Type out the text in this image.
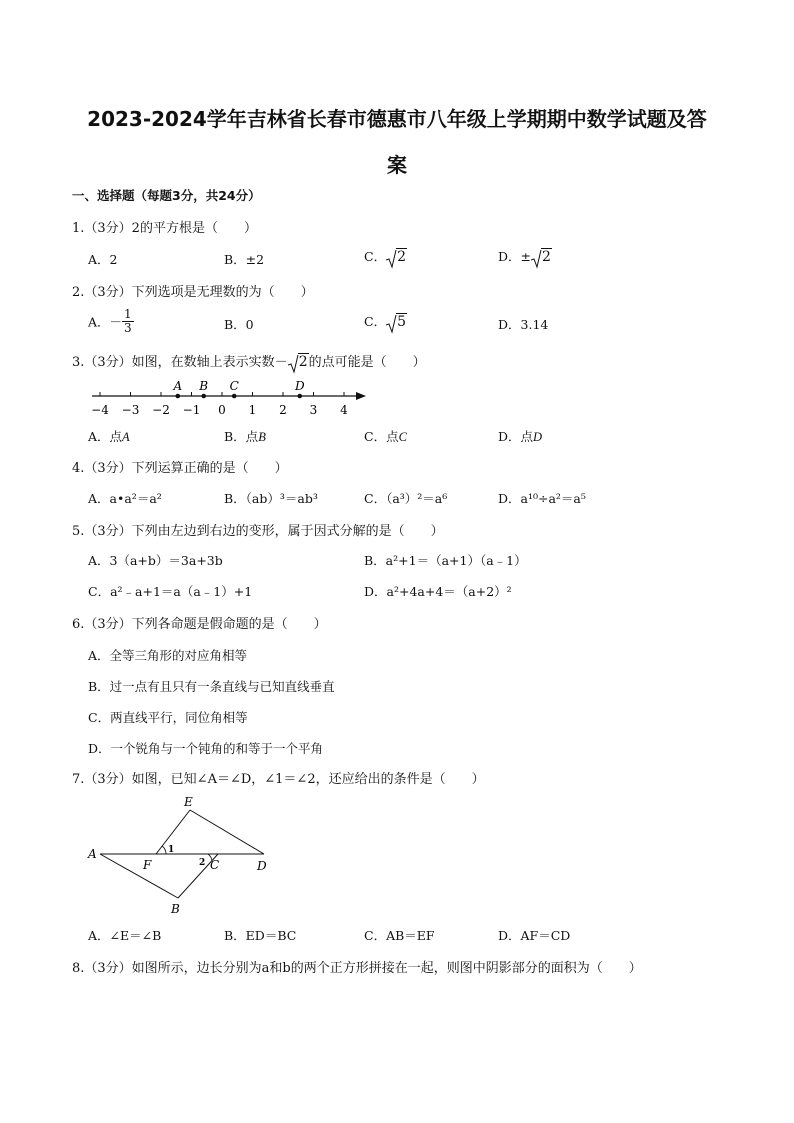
2023-2024学年吉林省长春市德惠市八年级上学期期中数学试题及答
案
一、选择题（每题3分，共24分）
1.（3分）2的平方根是（　　）
A．2	B．±2	C． 2	D．± 2
2.（3分）下列选项是无理数的为（　　）
A．－ $\frac{1}{3}$	B．0	C． 5	D．3.14
3.（3分）如图，在数轴上表示实数－ 2的点可能是（　　）
−4 −3 −2 −1 0 1 2 3 4
A B C	D
A．点A	B．点B	C．点C	D．点D
4.（3分）下列运算正确的是（　　）
A．a•a²＝a²	B．（ab）³＝ab³	C．（a³）²＝a⁶	D．a¹⁰÷a²＝a⁵
5.（3分）下列由左边到右边的变形，属于因式分解的是（　　）
A．3（a+b）＝3a+3b	B．a²+1＝（a+1）（a﹣1）
C．a²﹣a+1＝a（a﹣1）+1	D．a²+4a+4＝（a+2）²
6.（3分）下列各命题是假命题的是（　　）
A．全等三角形的对应角相等
B．过一点有且只有一条直线与已知直线垂直
C．两直线平行，同位角相等
D．一个锐角与一个钝角的和等于一个平角
7.（3分）如图，已知∠A＝∠D，∠1＝∠2，还应给出的条件是（　　）
E
A
F
1
2 C	D
B
A．∠E＝∠B	B．ED＝BC	C．AB＝EF	D．AF＝CD
8.（3分）如图所示，边长分别为a和b的两个正方形拼接在一起，则图中阴影部分的面积为（　　）
